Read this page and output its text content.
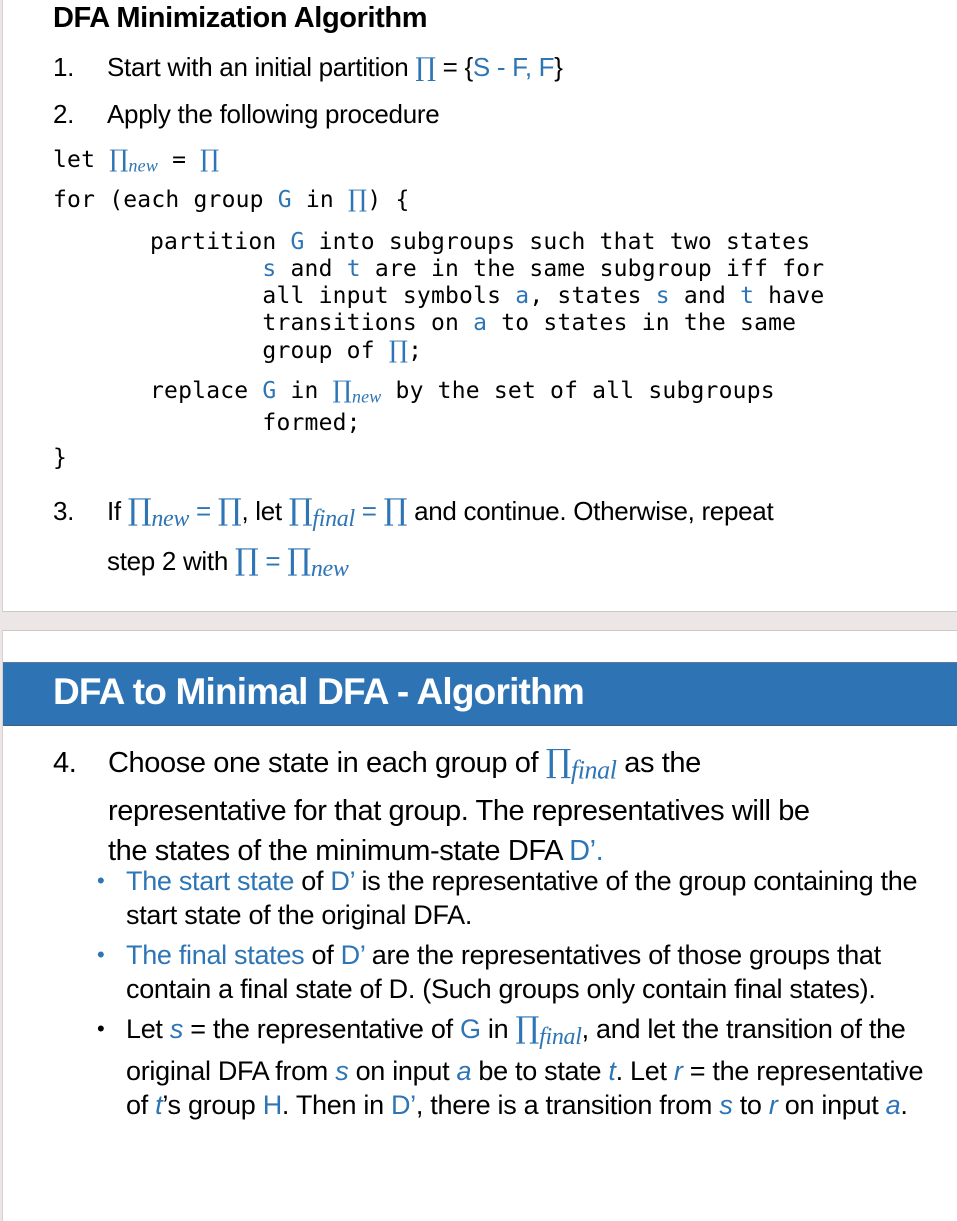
DFA Minimization Algorithm
1. Start with an initial partition ∏ = {S - F, F}
2. Apply the following procedure
let $\prod_{new}$ = ∏
for (each group G in ∏) {
partition G into subgroups such that two states
s and t are in the same subgroup iff for
all input symbols a, states s and t have
transitions on a to states in the same
group of ∏;
replace G in $\prod_{new}$ by the set of all subgroups
formed;
}
3. If ∏new = ∏, let ∏final = ∏ and continue. Otherwise, repeat
step 2 with ∏ = ∏new
DFA to Minimal DFA - Algorithm
4. Choose one state in each group of ∏final as the
representative for that group. The representatives will be
the states of the minimum-state DFA D’.
• The start state of D’ is the representative of the group containing the start state of the original DFA.
• The final states of D’ are the representatives of those groups that contain a final state of D. (Such groups only contain final states).
• Let s = the representative of G in ∏final, and let the transition of the original DFA from s on input a be to state t. Let r = the representative of t’s group H. Then in D’, there is a transition from s to r on input a.
